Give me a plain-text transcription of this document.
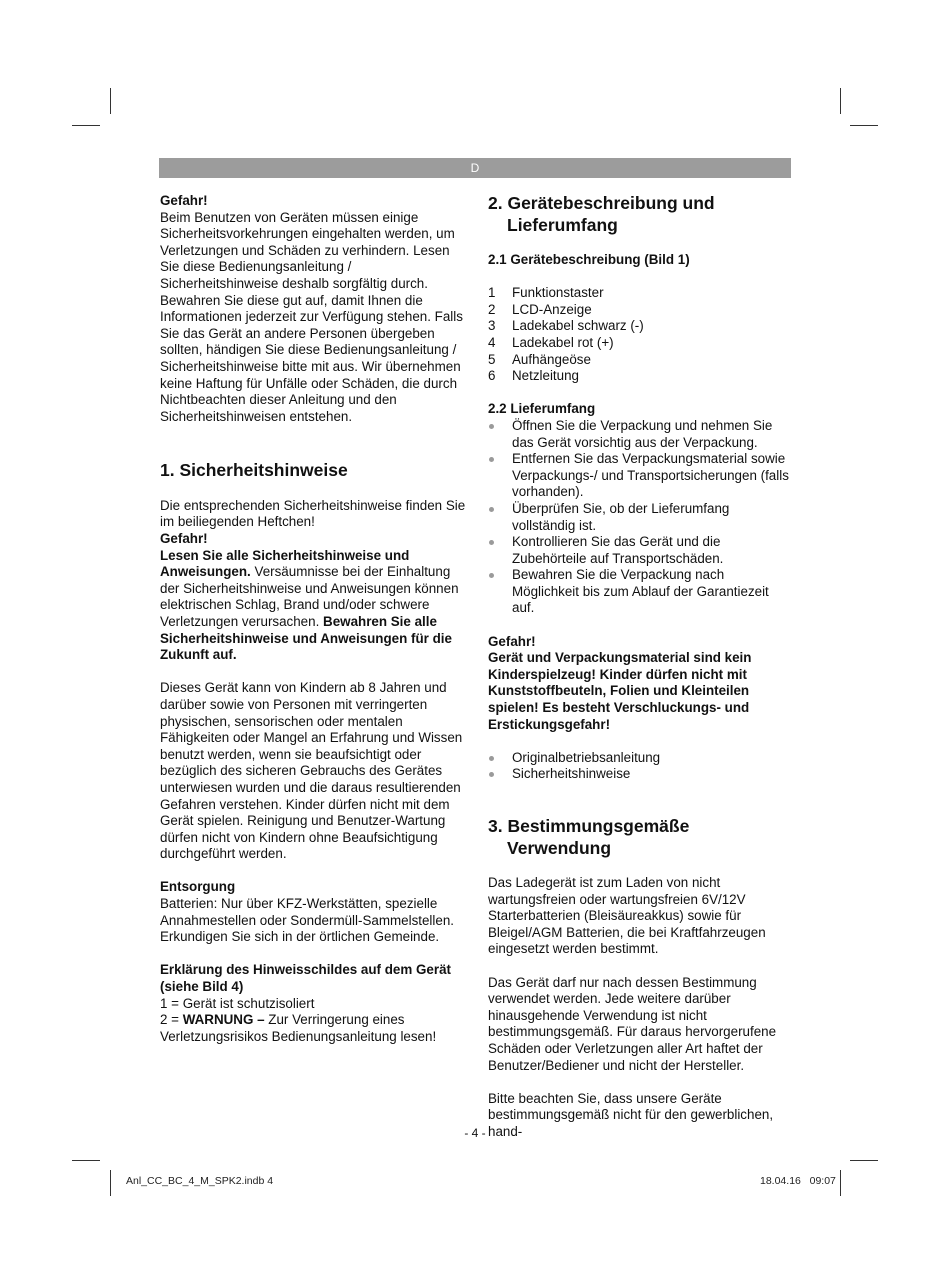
D

Gefahr!

Beim Benutzen von Geräten müssen einige Sicherheitsvorkehrungen eingehalten werden, um Verletzungen und Schäden zu verhindern. Lesen Sie diese Bedienungsanleitung / Sicherheitshinweise deshalb sorgfältig durch. Bewahren Sie diese gut auf, damit Ihnen die Informationen jederzeit zur Verfügung stehen. Falls Sie das Gerät an andere Personen übergeben sollten, händigen Sie diese Bedienungsanleitung / Sicherheitshinweise bitte mit aus. Wir übernehmen keine Haftung für Unfälle oder Schäden, die durch Nichtbeachten dieser Anleitung und den Sicherheitshinweisen entstehen.

1. Sicherheitshinweise

Die entsprechenden Sicherheitshinweise finden Sie im beiliegenden Heftchen!

Gefahr!

Lesen Sie alle Sicherheitshinweise und Anweisungen. Versäumnisse bei der Einhaltung der Sicherheitshinweise und Anweisungen können elektrischen Schlag, Brand und/oder schwere Verletzungen verursachen. Bewahren Sie alle Sicherheitshinweise und Anweisungen für die Zukunft auf.

Dieses Gerät kann von Kindern ab 8 Jahren und darüber sowie von Personen mit verringerten physischen, sensorischen oder mentalen Fähigkeiten oder Mangel an Erfahrung und Wissen benutzt werden, wenn sie beaufsichtigt oder bezüglich des sicheren Gebrauchs des Gerätes unterwiesen wurden und die daraus resultierenden Gefahren verstehen. Kinder dürfen nicht mit dem Gerät spielen. Reinigung und Benutzer-Wartung dürfen nicht von Kindern ohne Beaufsichtigung durchgeführt werden.

Entsorgung

Batterien: Nur über KFZ-Werkstätten, spezielle Annahmestellen oder Sondermüll-Sammelstellen. Erkundigen Sie sich in der örtlichen Gemeinde.

Erklärung des Hinweisschildes auf dem Gerät (siehe Bild 4)

1 = Gerät ist schutzisoliert

2 = WARNUNG – Zur Verringerung eines Verletzungsrisikos Bedienungsanleitung lesen!

2. Gerätebeschreibung und Lieferumfang

2.1 Gerätebeschreibung (Bild 1)

1	Funktionstaster
2	LCD-Anzeige
3	Ladekabel schwarz (-)
4	Ladekabel rot (+)
5	Aufhängeöse
6	Netzleitung

2.2 Lieferumfang

Öffnen Sie die Verpackung und nehmen Sie das Gerät vorsichtig aus der Verpackung.
Entfernen Sie das Verpackungsmaterial sowie Verpackungs-/ und Transportsicherungen (falls vorhanden).
Überprüfen Sie, ob der Lieferumfang vollständig ist.
Kontrollieren Sie das Gerät und die Zubehörteile auf Transportschäden.
Bewahren Sie die Verpackung nach Möglichkeit bis zum Ablauf der Garantiezeit auf.

Gefahr!

Gerät und Verpackungsmaterial sind kein Kinderspielzeug! Kinder dürfen nicht mit Kunststoffbeuteln, Folien und Kleinteilen spielen! Es besteht Verschluckungs- und Erstickungsgefahr!

Originalbetriebsanleitung
Sicherheitshinweise

3. Bestimmungsgemäße Verwendung

Das Ladegerät ist zum Laden von nicht wartungsfreien oder wartungsfreien 6V/12V Starterbatterien (Bleisäureakkus) sowie für Bleigel/AGM Batterien, die bei Kraftfahrzeugen eingesetzt werden bestimmt.

Das Gerät darf nur nach dessen Bestimmung verwendet werden. Jede weitere darüber hinausgehende Verwendung ist nicht bestimmungsgemäß. Für daraus hervorgerufene Schäden oder Verletzungen aller Art haftet der Benutzer/Bediener und nicht der Hersteller.

Bitte beachten Sie, dass unsere Geräte bestimmungsgemäß nicht für den gewerblichen, hand-

- 4 -
Anl_CC_BC_4_M_SPK2.indb 4	18.04.16   09:07
